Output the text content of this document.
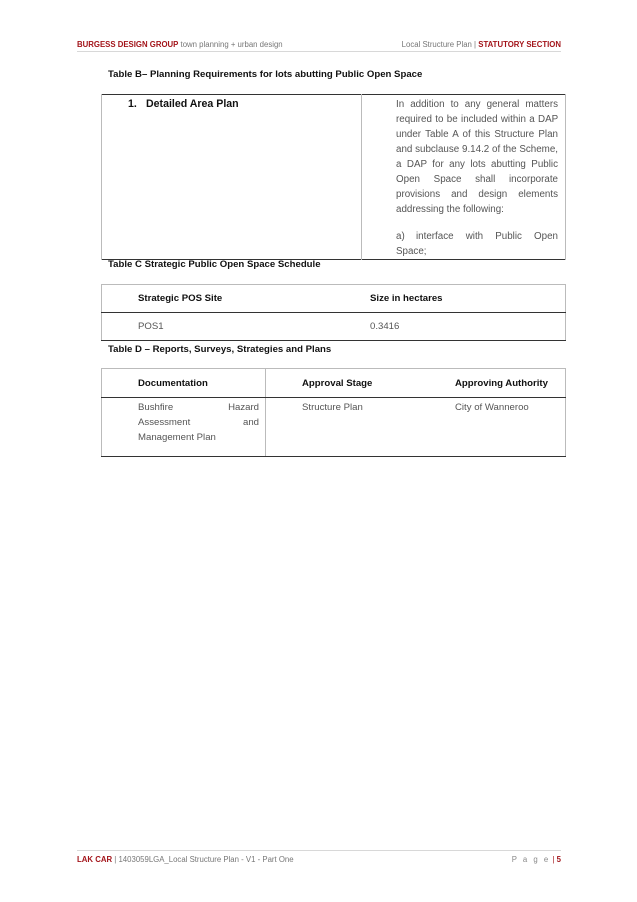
BURGESS DESIGN GROUP town planning + urban design	Local Structure Plan | STATUTORY SECTION
Table B– Planning Requirements for lots abutting Public Open Space
1. Detailed Area Plan	In addition to any general matters required to be included within a DAP under Table A of this Structure Plan and subclause 9.14.2 of the Scheme, a DAP for any lots abutting Public Open Space shall incorporate provisions and design elements addressing the following:

a) interface with Public Open Space;

Table C Strategic Public Open Space Schedule
Strategic POS Site	Size in hectares
POS1	0.3416
Table D – Reports, Surveys, Strategies and Plans
Documentation	Approval Stage	Approving Authority

Bushfire Hazard
Assessment and
Management Plan	Structure Plan	City of Wanneroo
LAK CAR | 1403059LGA_Local Structure Plan - V1 - Part One	P a g e | 5
